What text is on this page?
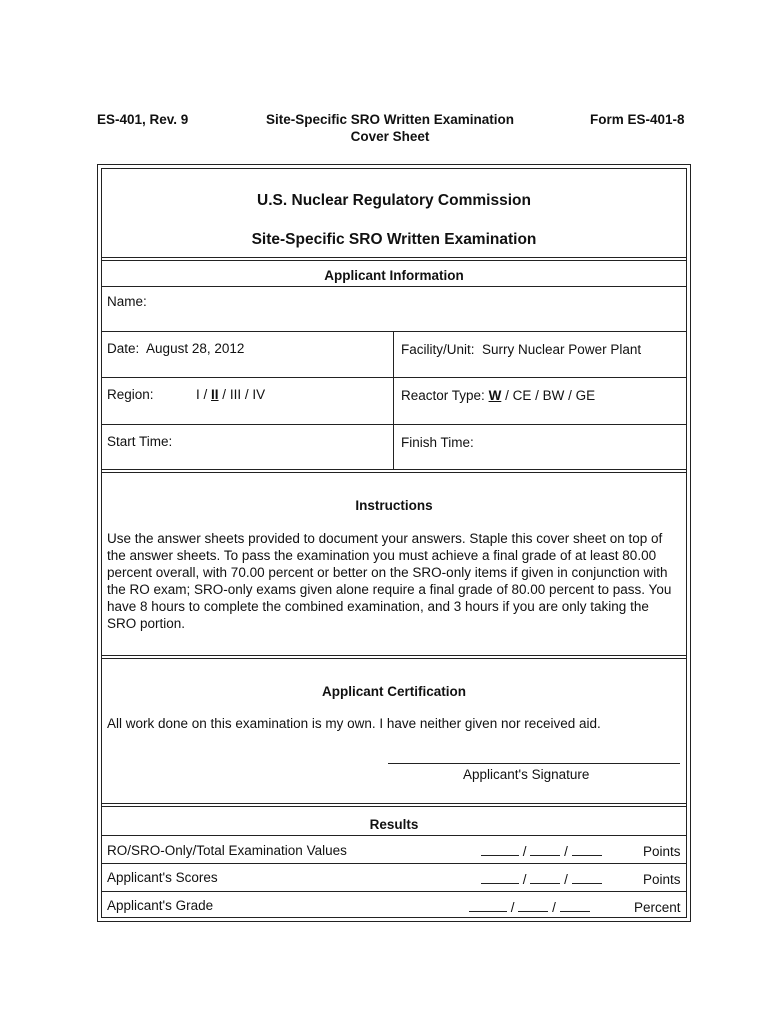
ES-401, Rev. 9	Site-Specific SRO Written Examination
Cover Sheet
Form ES-401-8
U.S. Nuclear Regulatory Commission
Site-Specific SRO Written Examination
Applicant Information
Name:
Date: August 28, 2012	Facility/Unit: Surry Nuclear Power Plant
Region:	I / II / III / IV	Reactor Type: W / CE / BW / GE
Start Time:	Finish Time:
Instructions
Use the answer sheets provided to document your answers. Staple this cover sheet on top of
the answer sheets. To pass the examination you must achieve a final grade of at least 80.00
percent overall, with 70.00 percent or better on the SRO-only items if given in conjunction with
the RO exam; SRO-only exams given alone require a final grade of 80.00 percent to pass. You
have 8 hours to complete the combined examination, and 3 hours if you are only taking the
SRO portion.
Applicant Certification
All work done on this examination is my own. I have neither given nor received aid.
Applicant's Signature
Results
RO/SRO-Only/Total Examination Values	/	/	Points
Applicant's Scores	/	/	Points
Applicant's Grade	/	/	Percent
